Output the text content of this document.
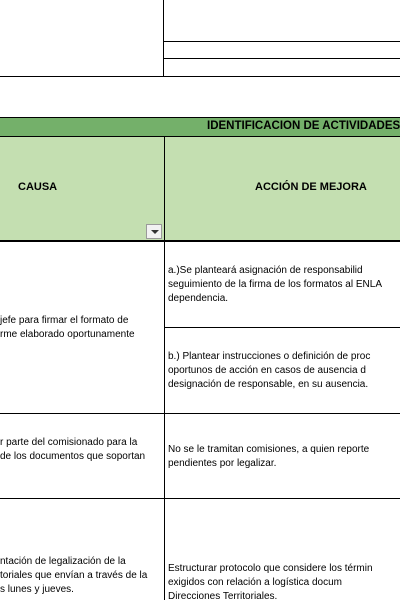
IDENTIFICACION DE ACTIVIDADES
CAUSA	ACCIÓN DE MEJORA
jefe para firmar el formato de
rme elaborado oportunamente
a.)Se planteará asignación de responsabilid
seguimiento de la firma de los formatos al ENLA
dependencia.
b.) Plantear instrucciones o definición de proc
oportunos de acción en casos de ausencia d
designación de responsable, en su ausencia.
r parte del comisionado para la
de los documentos que soportan
No se le tramitan comisiones, a quien reporte
pendientes por legalizar.
ntación de legalización de la
toriales que envían a través de la
s lunes y jueves.
Estructurar protocolo que considere los términ
exigidos con relación a logística docum
Direcciones Territoriales.
